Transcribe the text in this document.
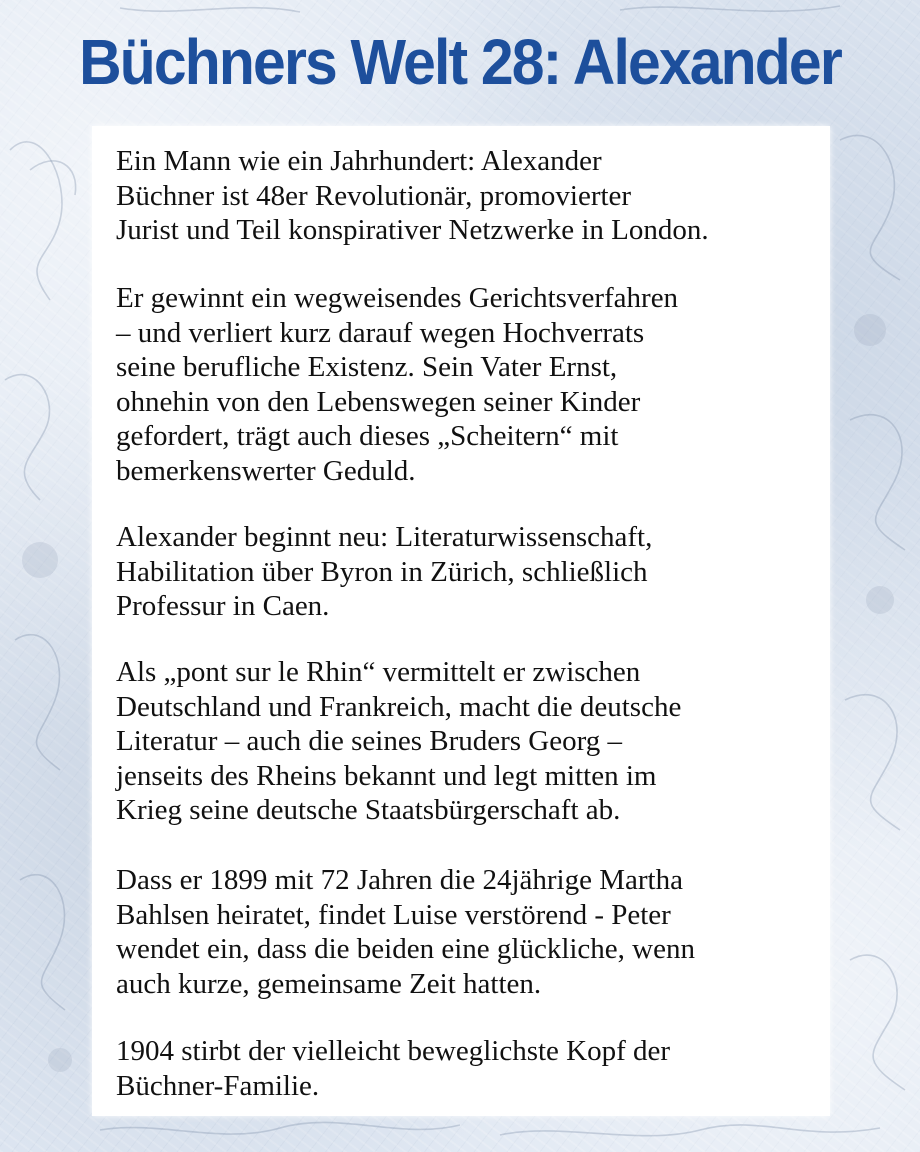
Büchners Welt 28: Alexander

Ein Mann wie ein Jahrhundert: Alexander
Büchner ist 48er Revolutionär, promovierter
Jurist und Teil konspirativer Netzwerke in London.

Er gewinnt ein wegweisendes Gerichtsverfahren
– und verliert kurz darauf wegen Hochverrats
seine berufliche Existenz. Sein Vater Ernst,
ohnehin von den Lebenswegen seiner Kinder
gefordert, trägt auch dieses „Scheitern“ mit
bemerkenswerter Geduld.

Alexander beginnt neu: Literaturwissenschaft,
Habilitation über Byron in Zürich, schließlich
Professur in Caen.

Als „pont sur le Rhin“ vermittelt er zwischen
Deutschland und Frankreich, macht die deutsche
Literatur – auch die seines Bruders Georg –
jenseits des Rheins bekannt und legt mitten im
Krieg seine deutsche Staatsbürgerschaft ab.

Dass er 1899 mit 72 Jahren die 24jährige Martha
Bahlsen heiratet, findet Luise verstörend - Peter
wendet ein, dass die beiden eine glückliche, wenn
auch kurze, gemeinsame Zeit hatten.

1904 stirbt der vielleicht beweglichste Kopf der
Büchner-Familie.
